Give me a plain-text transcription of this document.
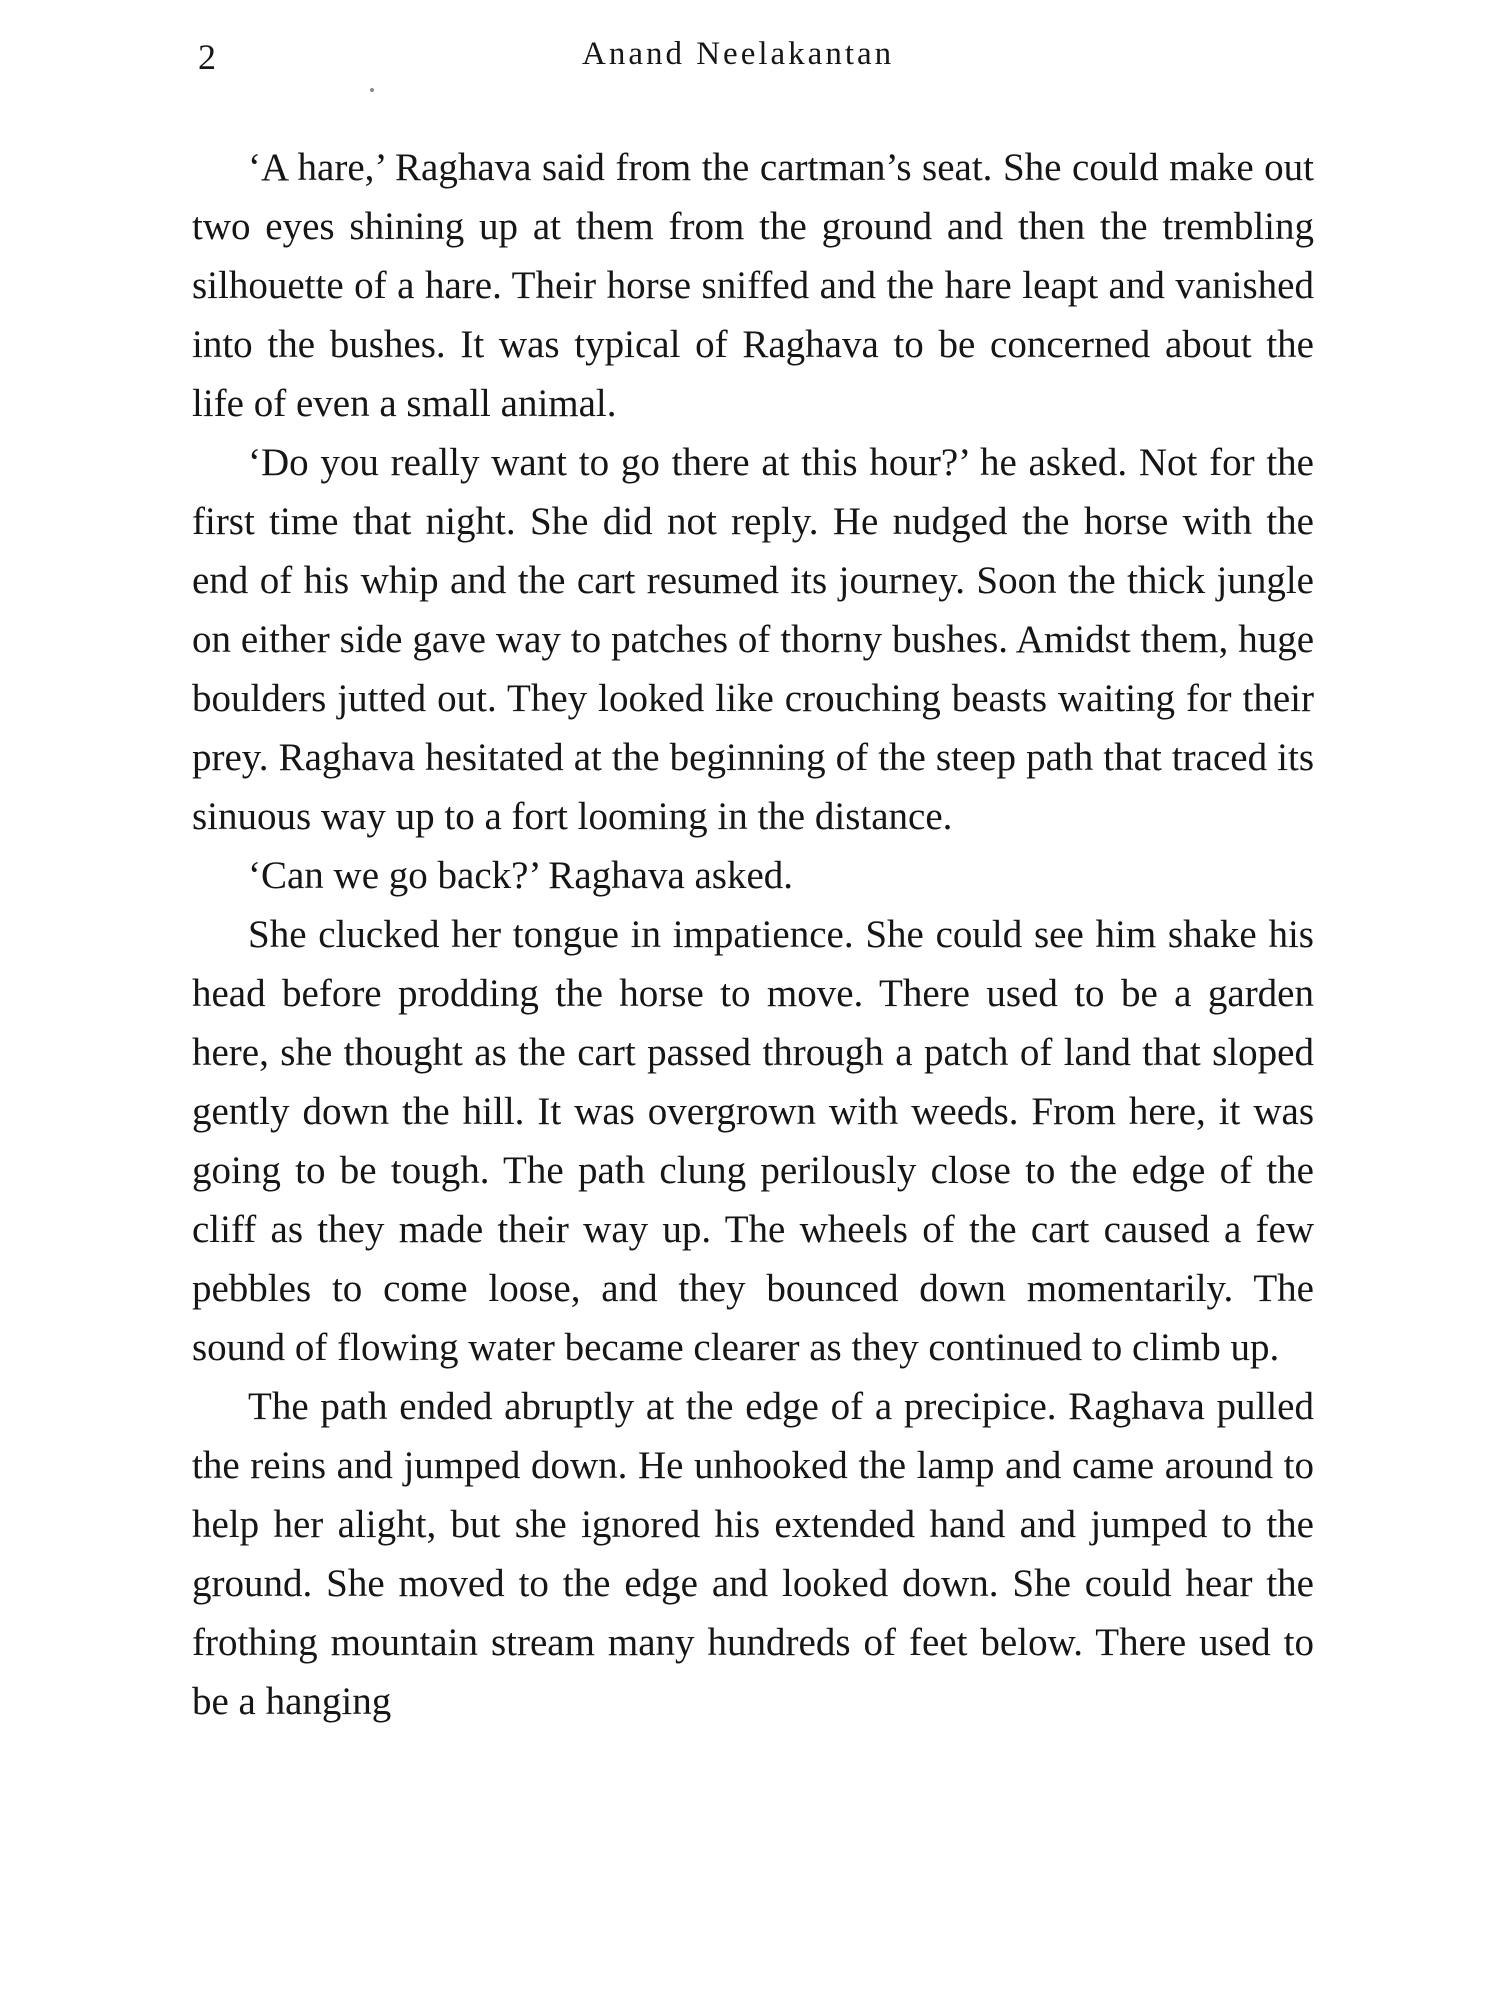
2	Anand Neelakantan

‘A hare,’ Raghava said from the cartman’s seat. She could make out two eyes shining up at them from the ground and then the trembling silhouette of a hare. Their horse sniffed and the hare leapt and vanished into the bushes. It was typical of Raghava to be concerned about the life of even a small animal.

‘Do you really want to go there at this hour?’ he asked. Not for the first time that night. She did not reply. He nudged the horse with the end of his whip and the cart resumed its journey. Soon the thick jungle on either side gave way to patches of thorny bushes. Amidst them, huge boulders jutted out. They looked like crouching beasts waiting for their prey. Raghava hesitated at the beginning of the steep path that traced its sinuous way up to a fort looming in the distance.

‘Can we go back?’ Raghava asked.

She clucked her tongue in impatience. She could see him shake his head before prodding the horse to move. There used to be a garden here, she thought as the cart passed through a patch of land that sloped gently down the hill. It was overgrown with weeds. From here, it was going to be tough. The path clung perilously close to the edge of the cliff as they made their way up. The wheels of the cart caused a few pebbles to come loose, and they bounced down momentarily. The sound of flowing water became clearer as they continued to climb up.

The path ended abruptly at the edge of a precipice. Raghava pulled the reins and jumped down. He unhooked the lamp and came around to help her alight, but she ignored his extended hand and jumped to the ground. She moved to the edge and looked down. She could hear the frothing mountain stream many hundreds of feet below. There used to be a hanging
